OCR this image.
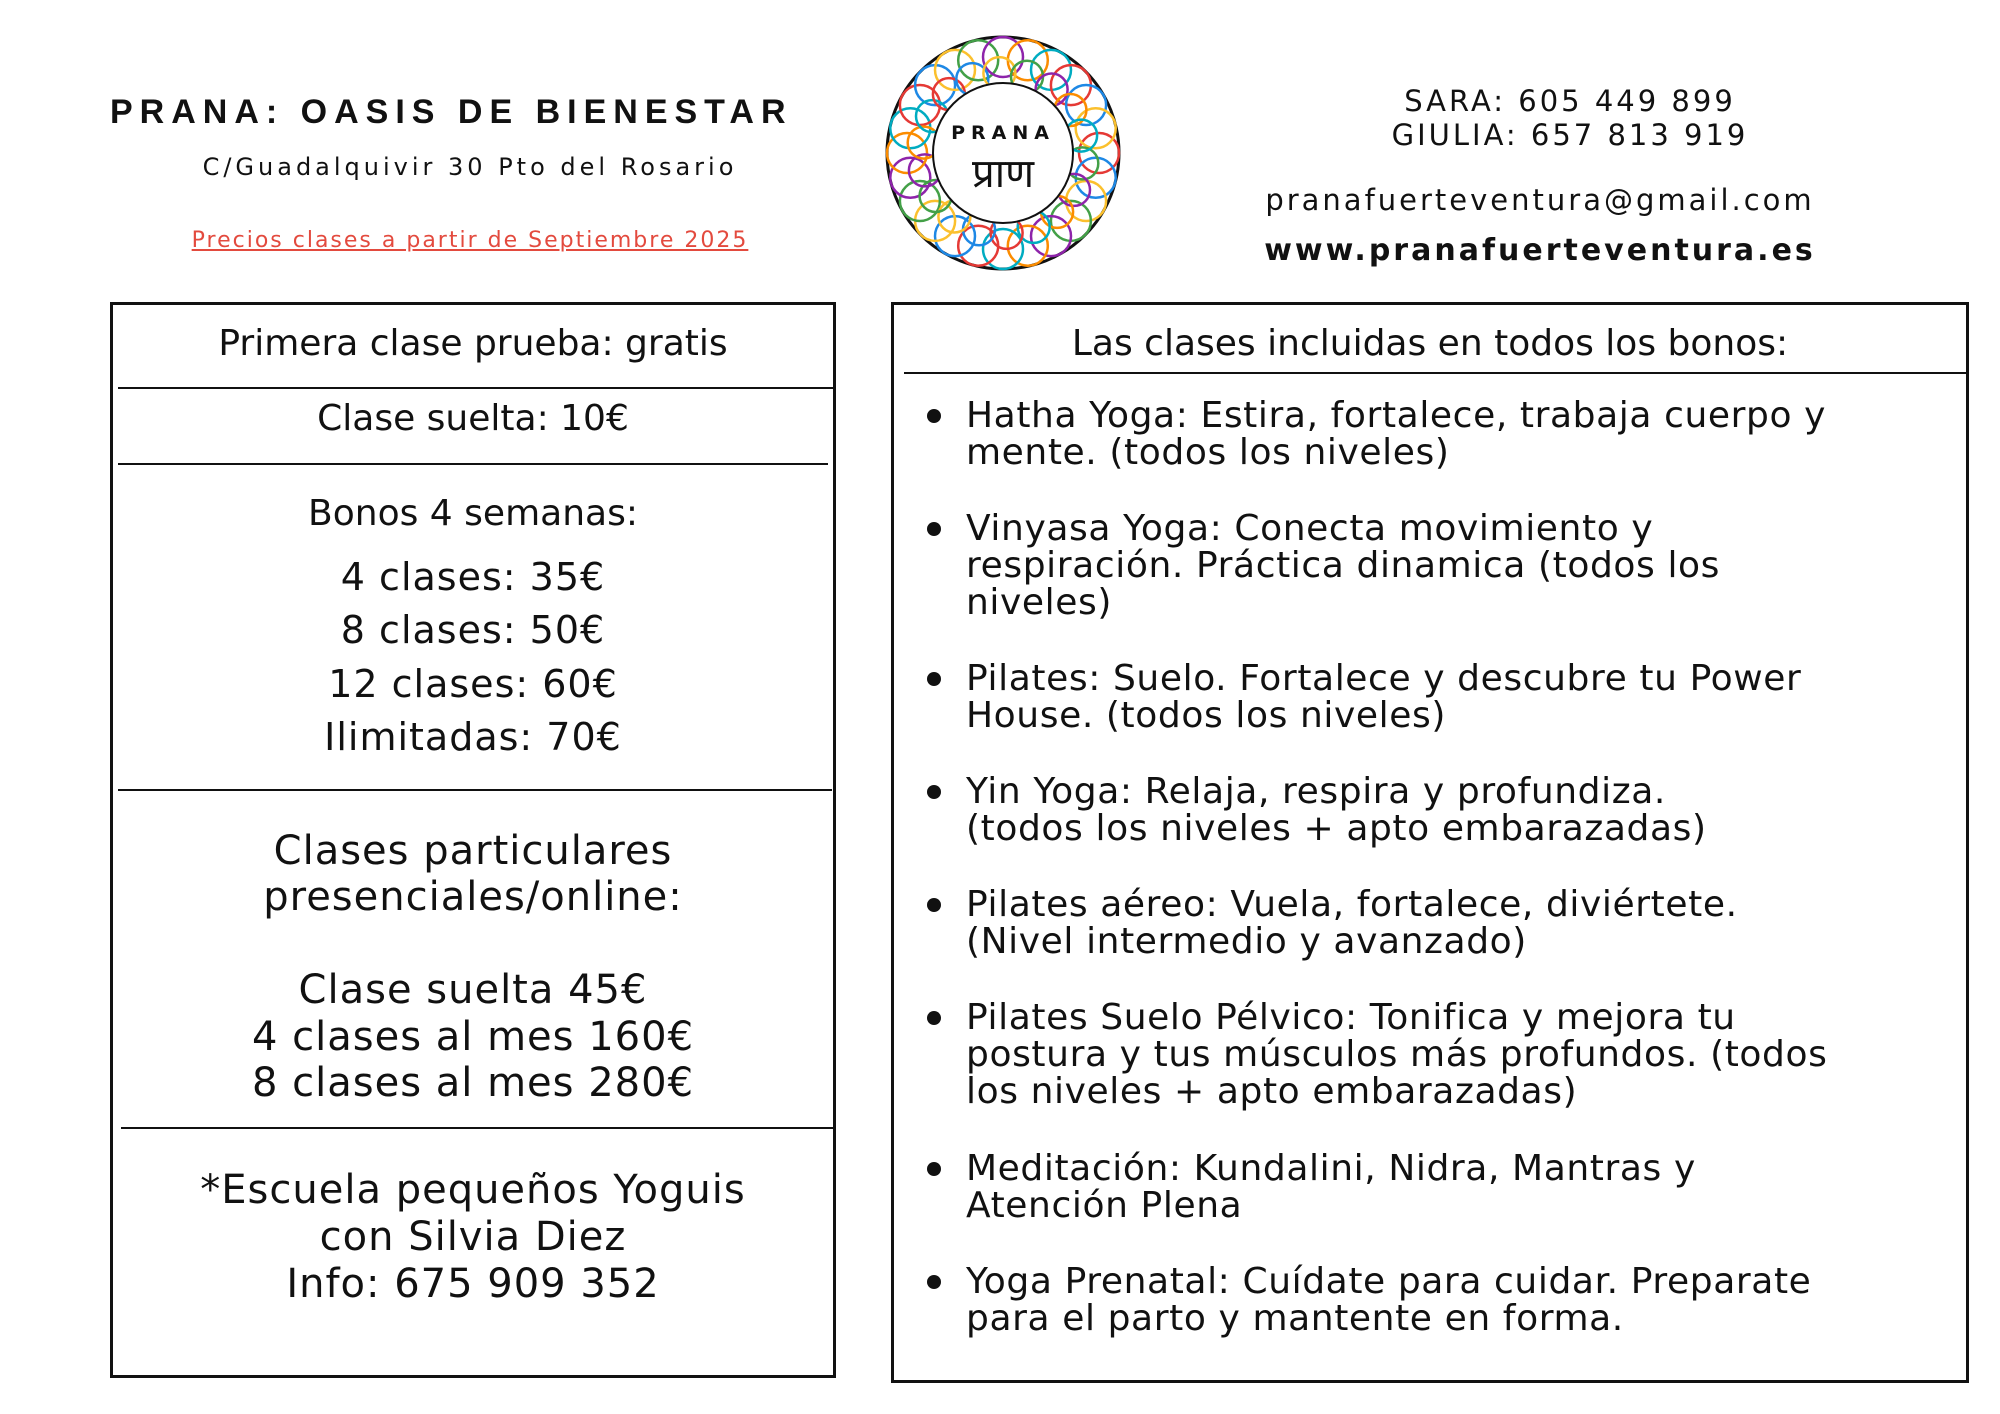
PRANA: OASIS DE BIENESTAR
C/Guadalquivir 30 Pto del Rosario
Precios clases a partir de Septiembre 2025
PRANA
प्राण
SARA: 605 449 899
GIULIA: 657 813 919
pranafuerteventura@gmail.com
www.pranafuerteventura.es
Primera clase prueba: gratis
Clase suelta: 10€
Bonos 4 semanas:
4 clases: 35€
8 clases: 50€
12 clases: 60€
Ilimitadas: 70€
Clases particulares
presenciales/online:
Clase suelta 45€
4 clases al mes 160€
8 clases al mes 280€
*Escuela pequeños Yoguis
con Silvia Diez
Info: 675 909 352
Las clases incluidas en todos los bonos:
Hatha Yoga: Estira, fortalece, trabaja cuerpo y
mente. (todos los niveles)
Vinyasa Yoga: Conecta movimiento y
respiración. Práctica dinamica (todos los
niveles)
Pilates: Suelo. Fortalece y descubre tu Power
House. (todos los niveles)
Yin Yoga: Relaja, respira y profundiza.
(todos los niveles + apto embarazadas)
Pilates aéreo: Vuela, fortalece, diviértete.
(Nivel intermedio y avanzado)
Pilates Suelo Pélvico: Tonifica y mejora tu
postura y tus músculos más profundos. (todos
los niveles + apto embarazadas)
Meditación: Kundalini, Nidra, Mantras y
Atención Plena
Yoga Prenatal: Cuídate para cuidar. Preparate
para el parto y mantente en forma.
